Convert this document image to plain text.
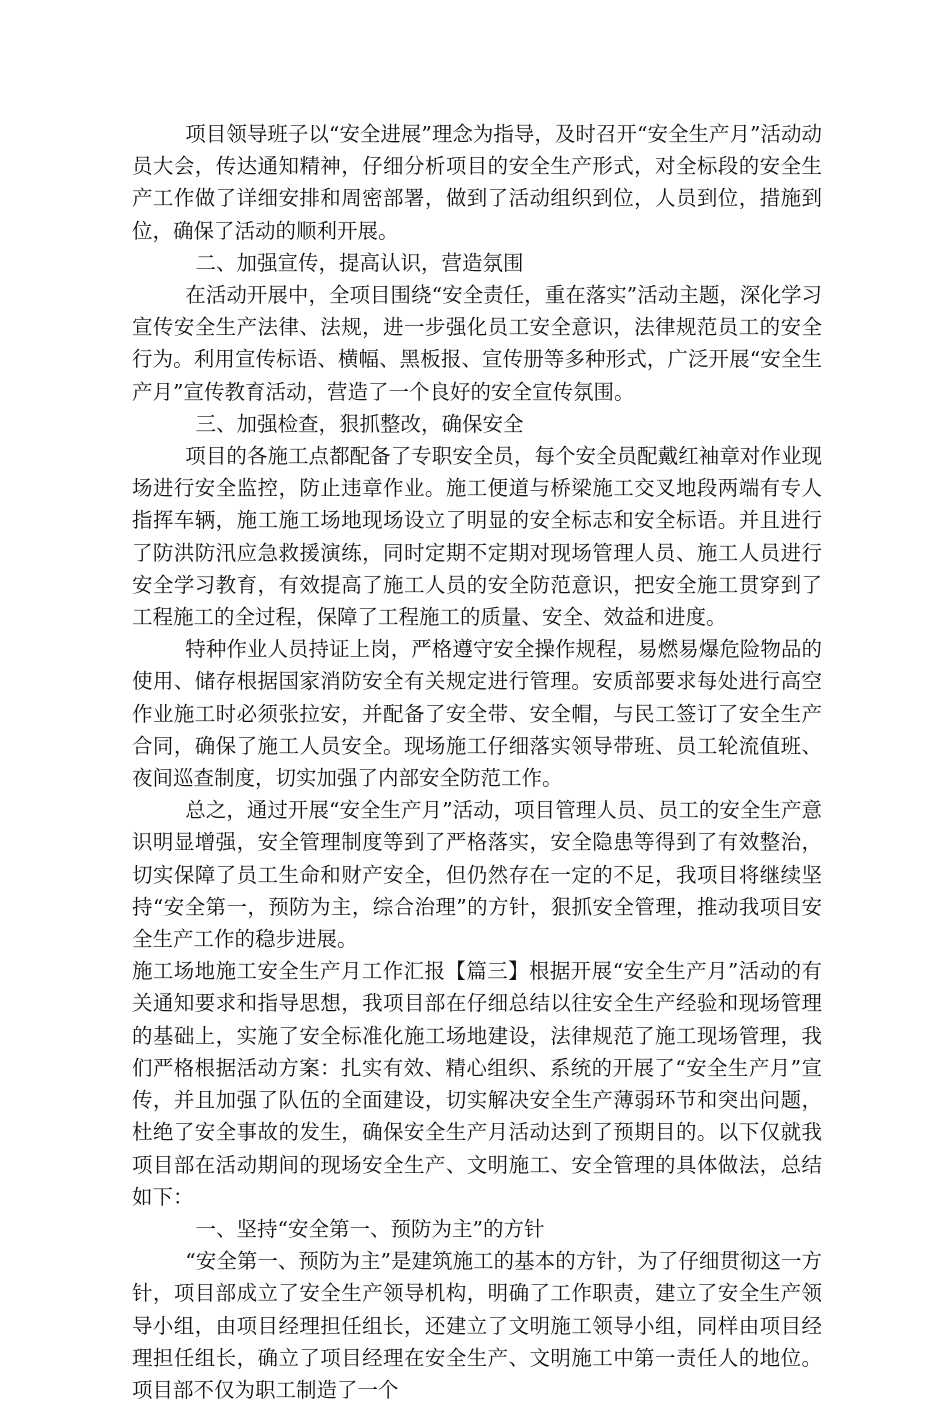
项目领导班子以“安全进展”理念为指导，及时召开“安全生产月”活动动员大会，传达通知精神，仔细分析项目的安全生产形式，对全标段的安全生产工作做了详细安排和周密部署，做到了活动组织到位，人员到位，措施到位，确保了活动的顺利开展。

二、加强宣传，提高认识，营造氛围

在活动开展中，全项目围绕“安全责任，重在落实”活动主题，深化学习宣传安全生产法律、法规，进一步强化员工安全意识，法律规范员工的安全行为。利用宣传标语、横幅、黑板报、宣传册等多种形式，广泛开展“安全生产月”宣传教育活动，营造了一个良好的安全宣传氛围。

三、加强检查，狠抓整改，确保安全

项目的各施工点都配备了专职安全员，每个安全员配戴红袖章对作业现场进行安全监控，防止违章作业。施工便道与桥梁施工交叉地段两端有专人指挥车辆，施工施工场地现场设立了明显的安全标志和安全标语。并且进行了防洪防汛应急救援演练，同时定期不定期对现场管理人员、施工人员进行安全学习教育，有效提高了施工人员的安全防范意识，把安全施工贯穿到了工程施工的全过程，保障了工程施工的质量、安全、效益和进度。

特种作业人员持证上岗，严格遵守安全操作规程，易燃易爆危险物品的使用、储存根据国家消防安全有关规定进行管理。安质部要求每处进行高空作业施工时必须张拉安，并配备了安全带、安全帽，与民工签订了安全生产合同，确保了施工人员安全。现场施工仔细落实领导带班、员工轮流值班、夜间巡查制度，切实加强了内部安全防范工作。

总之，通过开展“安全生产月”活动，项目管理人员、员工的安全生产意识明显增强，安全管理制度等到了严格落实，安全隐患等得到了有效整治，切实保障了员工生命和财产安全，但仍然存在一定的不足，我项目将继续坚持“安全第一，预防为主，综合治理”的方针，狠抓安全管理，推动我项目安全生产工作的稳步进展。

施工场地施工安全生产月工作汇报【篇三】根据开展“安全生产月”活动的有关通知要求和指导思想，我项目部在仔细总结以往安全生产经验和现场管理的基础上，实施了安全标准化施工场地建设，法律规范了施工现场管理，我们严格根据活动方案：扎实有效、精心组织、系统的开展了“安全生产月”宣传，并且加强了队伍的全面建设，切实解决安全生产薄弱环节和突出问题，杜绝了安全事故的发生，确保安全生产月活动达到了预期目的。以下仅就我项目部在活动期间的现场安全生产、文明施工、安全管理的具体做法，总结如下：

一、坚持“安全第一、预防为主”的方针

“安全第一、预防为主”是建筑施工的基本的方针，为了仔细贯彻这一方针，项目部成立了安全生产领导机构，明确了工作职责，建立了安全生产领导小组，由项目经理担任组长，还建立了文明施工领导小组，同样由项目经理担任组长，确立了项目经理在安全生产、文明施工中第一责任人的地位。项目部不仅为职工制造了一个
